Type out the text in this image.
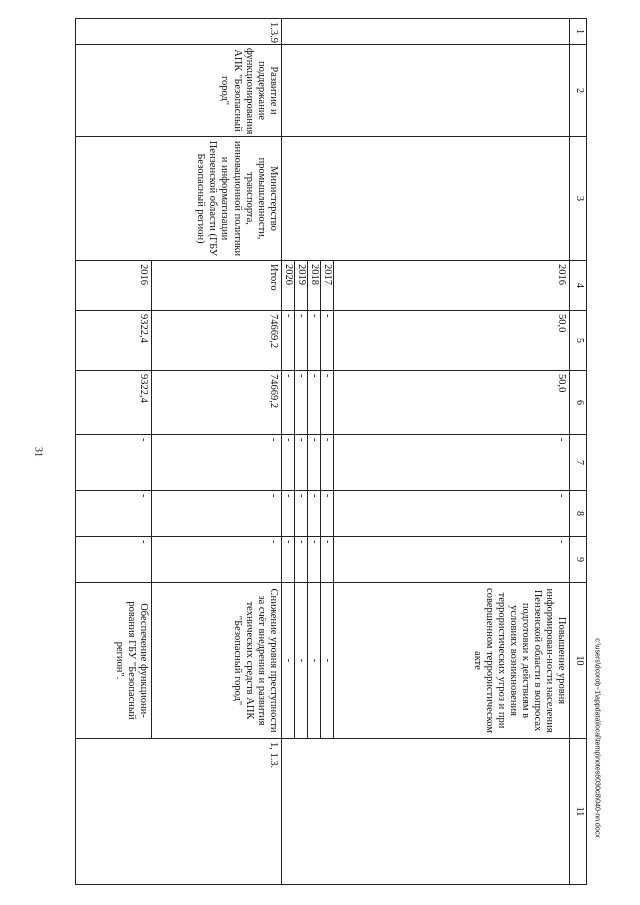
31
c:\users\dcorob~1\appdata\local\temp\notes6030c8\040-nn.docx
1	2	3	4	5	6	7	8	9	10	11
			2016	50,0	50,0	-	-	-	Повышение уровня информирован-ности населения Пензенской области в вопросах подготовки к действиям в условиях возникновения террористических угроз и при совершенном террористическом акте	
			2017	-	-	-	-	-	-	
			2018	-	-	-	-	-	-	
			2019	-	-	-	-	-	-	
			2020	-	-	-	-	-	-	
1.3.9	Развитие и поддержание функционирования АПК "Безопасный город"	Министерство промышленности, транспорта, инновационной политики и информатизации Пензенской области (ГБУ Безопасный регион)	Итого	74669,2	74669,2	-	-	-	Снижение уровня преступности за счёт внедрения и развития технических средств АПК "Безопасный город"	1, 1.3.
			2016	9322,4	9322,4	-	-	-	Обеспечение функциони-рования ГБУ "Безопасный регион".	
